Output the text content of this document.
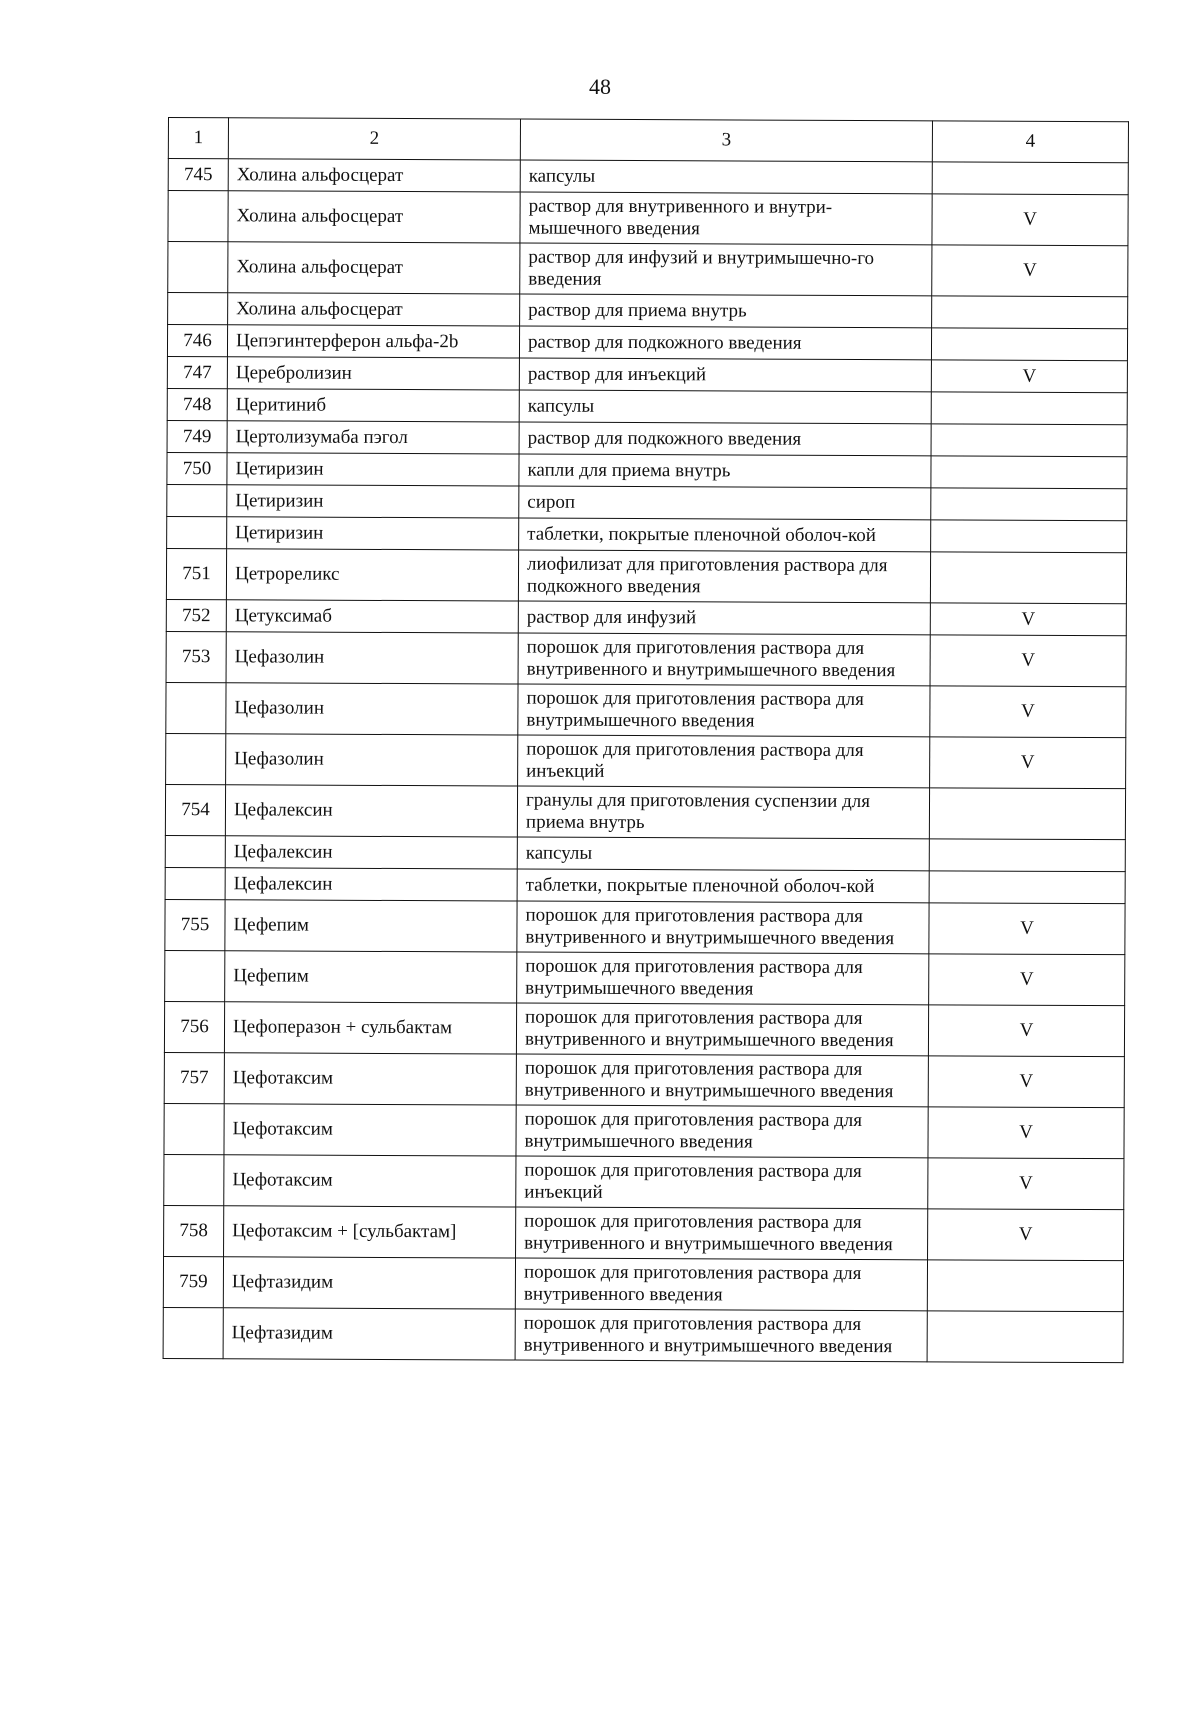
48
1	2	3	4
745	Холина альфосцерат	капсулы	
	Холина альфосцерат	раствор для внутривенного и внутри-мышечного введения	V
	Холина альфосцерат	раствор для инфузий и внутримышечно-го введения	V
	Холина альфосцерат	раствор для приема внутрь	
746	Цепэгинтерферон альфа-2b	раствор для подкожного введения	
747	Церебролизин	раствор для инъекций	V
748	Церитиниб	капсулы	
749	Цертолизумаба пэгол	раствор для подкожного введения	
750	Цетиризин	капли для приема внутрь	
	Цетиризин	сироп	
	Цетиризин	таблетки, покрытые пленочной оболоч-кой	
751	Цетрореликс	лиофилизат для приготовления раствора для подкожного введения	
752	Цетуксимаб	раствор для инфузий	V
753	Цефазолин	порошок для приготовления раствора для внутривенного и внутримышечного введения	V
	Цефазолин	порошок для приготовления раствора для внутримышечного введения	V
	Цефазолин	порошок для приготовления раствора для инъекций	V
754	Цефалексин	гранулы для приготовления суспензии для приема внутрь	
	Цефалексин	капсулы	
	Цефалексин	таблетки, покрытые пленочной оболоч-кой	
755	Цефепим	порошок для приготовления раствора для внутривенного и внутримышечного введения	V
	Цефепим	порошок для приготовления раствора для внутримышечного введения	V
756	Цефоперазон + сульбактам	порошок для приготовления раствора для внутривенного и внутримышечного введения	V
757	Цефотаксим	порошок для приготовления раствора для внутривенного и внутримышечного введения	V
	Цефотаксим	порошок для приготовления раствора для внутримышечного введения	V
	Цефотаксим	порошок для приготовления раствора для инъекций	V
758	Цефотаксим + [сульбактам]	порошок для приготовления раствора для внутривенного и внутримышечного введения	V
759	Цефтазидим	порошок для приготовления раствора для внутривенного введения	
	Цефтазидим	порошок для приготовления раствора для внутривенного и внутримышечного введения	
